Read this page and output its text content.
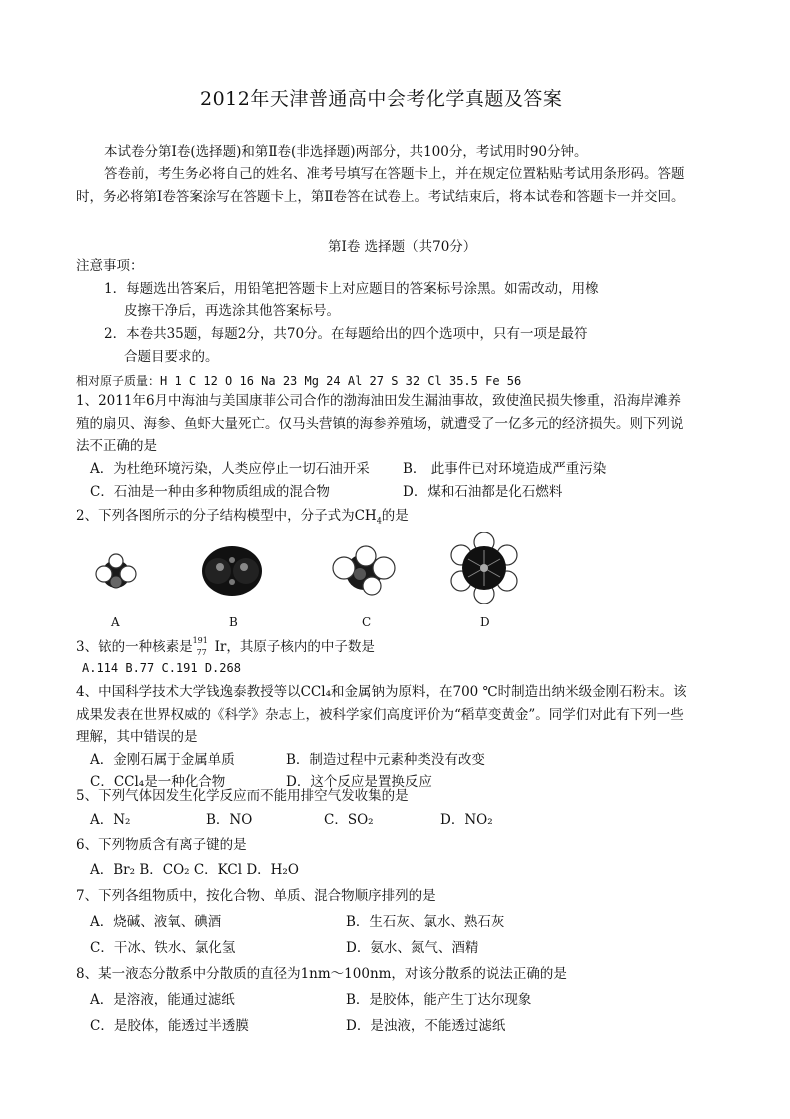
2012年天津普通高中会考化学真题及答案
本试卷分第Ⅰ卷(选择题)和第Ⅱ卷(非选择题)两部分，共100分，考试用时90分钟。
答卷前，考生务必将自己的姓名、准考号填写在答题卡上，并在规定位置粘贴考试用条形码。答题
时，务必将第Ⅰ卷答案涂写在答题卡上，第Ⅱ卷答在试卷上。考试结束后，将本试卷和答题卡一并交回。
第Ⅰ卷 选择题（共70分）
注意事项：
1．每题选出答案后，用铅笔把答题卡上对应题目的答案标号涂黑。如需改动，用橡
皮擦干净后，再选涂其他答案标号。
2．本卷共35题，每题2分，共70分。在每题给出的四个选项中，只有一项是最符
合题目要求的。
相对原子质量：H 1 C 12 O 16 Na 23 Mg 24 Al 27 S 32 Cl 35.5 Fe 56
1、2011年6月中海油与美国康菲公司合作的渤海油田发生漏油事故，致使渔民损失惨重，沿海岸滩养
殖的扇贝、海参、鱼虾大量死亡。仅马头营镇的海参养殖场，就遭受了一亿多元的经济损失。则下列说
法不正确的是
A．为杜绝环境污染，人类应停止一切石油开采 B． 此事件已对环境造成严重污染
C．石油是一种由多种物质组成的混合物	D．煤和石油都是化石燃料
2、下列各图所示的分子结构模型中，分子式为$CH_4$的是
A	B	C	D
3、铱的一种核素是 191
77 Ir，其原子核内的中子数是
A.114 B.77 C.191 D.268
4、中国科学技术大学钱逸泰教授等以CCl₄和金属钠为原料，在700 ℃时制造出纳米级金刚石粉末。该
成果发表在世界权威的《科学》杂志上，被科学家们高度评价为“稻草变黄金”。同学们对此有下列一些
理解，其中错误的是
A．金刚石属于金属单质	B．制造过程中元素种类没有改变
C．CCl₄是一种化合物	D．这个反应是置换反应
5、下列气体因发生化学反应而不能用排空气发收集的是
A．N₂	B．NO	C．SO₂	D．NO₂
6、下列物质含有离子键的是
A．Br₂ B．CO₂ C．KCl D．H₂O
7、下列各组物质中，按化合物、单质、混合物顺序排列的是
A．烧碱、液氧、碘酒	B．生石灰、氯水、熟石灰
C．干冰、铁水、氯化氢	D．氨水、氮气、酒精
8、某一液态分散系中分散质的直径为1nm～100nm，对该分散系的说法正确的是
A．是溶液，能通过滤纸	B．是胶体，能产生丁达尔现象
C．是胶体，能透过半透膜	D．是浊液，不能透过滤纸
